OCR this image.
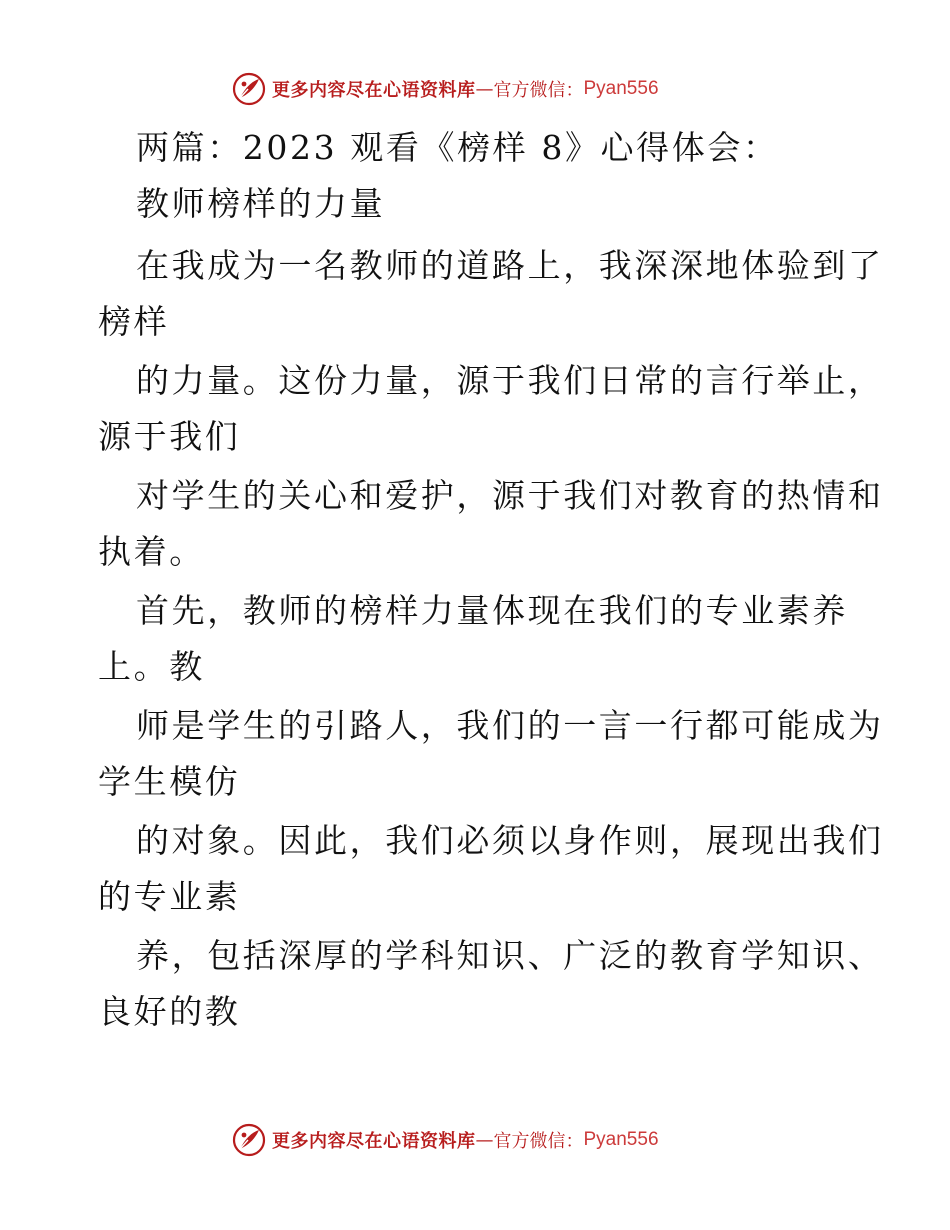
更多内容尽在心语资料库 — 官方微信： Pyan556
两篇：2023 观看《榜样 8》心得体会：
教师榜样的力量
在我成为一名教师的道路上，我深深地体验到了
榜样
的力量。这份力量，源于我们日常的言行举止，
源于我们
对学生的关心和爱护，源于我们对教育的热情和
执着。
首先，教师的榜样力量体现在我们的专业素养
上。教
师是学生的引路人，我们的一言一行都可能成为
学生模仿
的对象。因此，我们必须以身作则，展现出我们
的专业素
养，包括深厚的学科知识、广泛的教育学知识、
良好的教
更多内容尽在心语资料库 — 官方微信： Pyan556
